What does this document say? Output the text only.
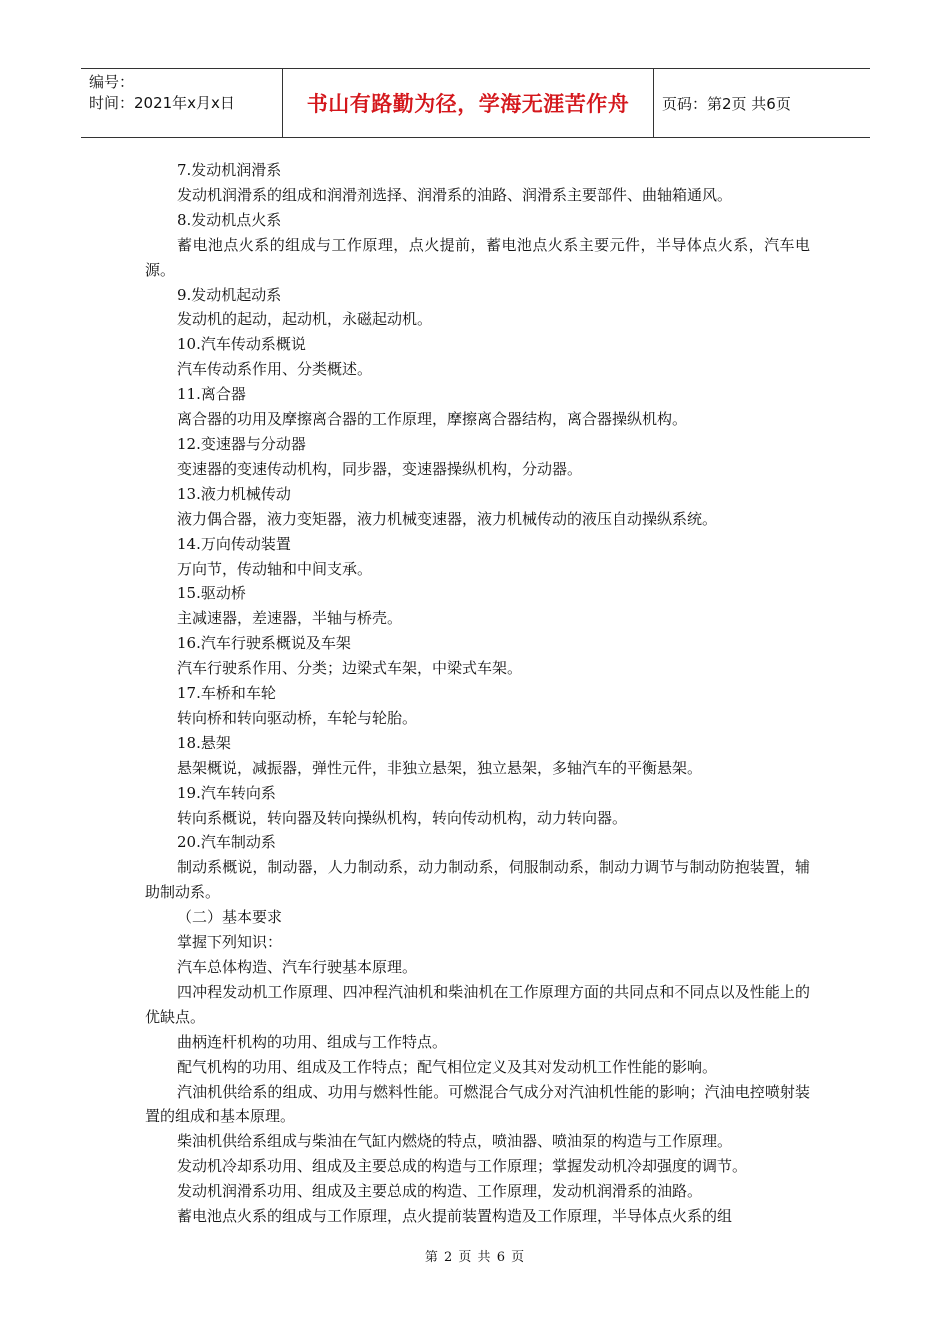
编号：
时间：2021年x月x日	书山有路勤为径，学海无涯苦作舟 页码：第2页 共6页

7.发动机润滑系

发动机润滑系的组成和润滑剂选择、润滑系的油路、润滑系主要部件、曲轴箱通风。

8.发动机点火系

蓄电池点火系的组成与工作原理，点火提前，蓄电池点火系主要元件，半导体点火系，汽车电源。

9.发动机起动系

发动机的起动，起动机，永磁起动机。

10.汽车传动系概说

汽车传动系作用、分类概述。

11.离合器

离合器的功用及摩擦离合器的工作原理，摩擦离合器结构，离合器操纵机构。

12.变速器与分动器

变速器的变速传动机构，同步器，变速器操纵机构，分动器。

13.液力机械传动

液力偶合器，液力变矩器，液力机械变速器，液力机械传动的液压自动操纵系统。

14.万向传动装置

万向节，传动轴和中间支承。

15.驱动桥

主减速器，差速器，半轴与桥壳。

16.汽车行驶系概说及车架

汽车行驶系作用、分类；边梁式车架，中梁式车架。

17.车桥和车轮

转向桥和转向驱动桥，车轮与轮胎。

18.悬架

悬架概说，减振器，弹性元件，非独立悬架，独立悬架，多轴汽车的平衡悬架。

19.汽车转向系

转向系概说，转向器及转向操纵机构，转向传动机构，动力转向器。

20.汽车制动系

制动系概说，制动器，人力制动系，动力制动系，伺服制动系，制动力调节与制动防抱装置，辅助制动系。

（二）基本要求

掌握下列知识：

汽车总体构造、汽车行驶基本原理。

四冲程发动机工作原理、四冲程汽油机和柴油机在工作原理方面的共同点和不同点以及性能上的优缺点。

曲柄连杆机构的功用、组成与工作特点。

配气机构的功用、组成及工作特点；配气相位定义及其对发动机工作性能的影响。

汽油机供给系的组成、功用与燃料性能。可燃混合气成分对汽油机性能的影响；汽油电控喷射装置的组成和基本原理。

柴油机供给系组成与柴油在气缸内燃烧的特点，喷油器、喷油泵的构造与工作原理。

发动机冷却系功用、组成及主要总成的构造与工作原理；掌握发动机冷却强度的调节。

发动机润滑系功用、组成及主要总成的构造、工作原理，发动机润滑系的油路。

蓄电池点火系的组成与工作原理，点火提前装置构造及工作原理，半导体点火系的组

第 2 页 共 6 页
